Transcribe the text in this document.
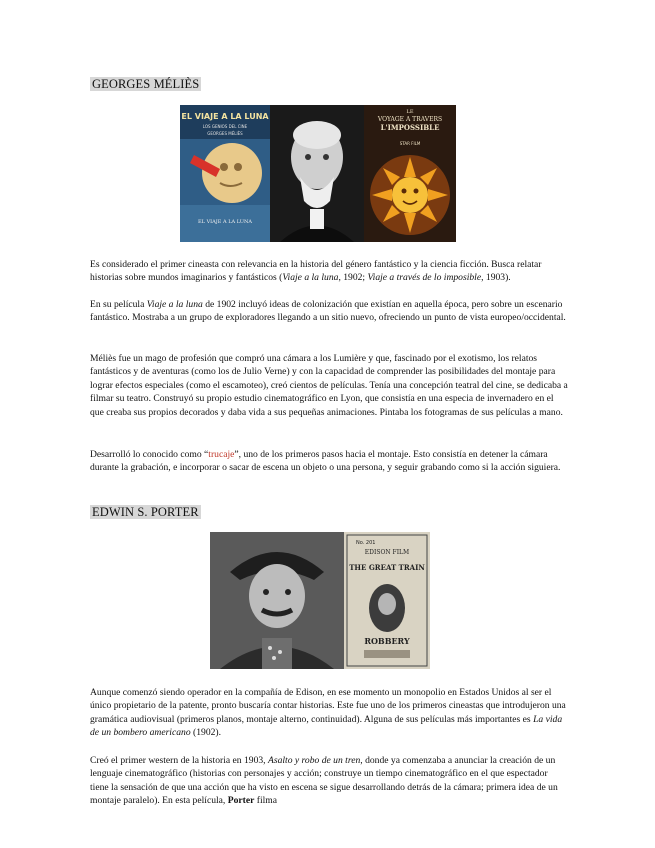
GEORGES MÉLIÈS
EL VIAJE A LA LUNA
LOS GENIOS DEL CINE
GEORGES MÉLIÈS
EL VIAJE A LA LUNA
LE
VOYAGE A TRAVERS
L'IMPOSSIBLE
STAR FILM

Es considerado el primer cineasta con relevancia en la historia del género fantástico y la ciencia ficción. Busca relatar historias sobre mundos imaginarios y fantásticos (Viaje a la luna, 1902; Viaje a través de lo imposible, 1903).

En su película Viaje a la luna de 1902 incluyó ideas de colonización que existían en aquella época, pero sobre un escenario fantástico. Mostraba a un grupo de exploradores llegando a un sitio nuevo, ofreciendo un punto de vista europeo/occidental.

Méliès fue un mago de profesión que compró una cámara a los Lumière y que, fascinado por el exotismo, los relatos fantásticos y de aventuras (como los de Julio Verne) y con la capacidad de comprender las posibilidades del montaje para lograr efectos especiales (como el escamoteo), creó cientos de películas. Tenía una concepción teatral del cine, se dedicaba a filmar su teatro. Construyó su propio estudio cinematográfico en Lyon, que consistía en una especia de invernadero en el que creaba sus propios decorados y daba vida a sus pequeñas animaciones. Pintaba los fotogramas de sus películas a mano.

Desarrolló lo conocido como “trucaje”, uno de los primeros pasos hacia el montaje. Esto consistía en detener la cámara durante la grabación, e incorporar o sacar de escena un objeto o una persona, y seguir grabando como si la acción siguiera.

EDWIN S. PORTER
No. 201
EDISON FILM
THE GREAT TRAIN
ROBBERY

Aunque comenzó siendo operador en la compañía de Edison, en ese momento un monopolio en Estados Unidos al ser el único propietario de la patente, pronto buscaría contar historias. Este fue uno de los primeros cineastas que introdujeron una gramática audiovisual (primeros planos, montaje alterno, continuidad). Alguna de sus películas más importantes es La vida de un bombero americano (1902).

Creó el primer western de la historia en 1903, Asalto y robo de un tren, donde ya comenzaba a anunciar la creación de un lenguaje cinematográfico (historias con personajes y acción; construye un tiempo cinematográfico en el que espectador tiene la sensación de que una acción que ha visto en escena se sigue desarrollando detrás de la cámara; primera idea de un montaje paralelo). En esta película, Porter filma
